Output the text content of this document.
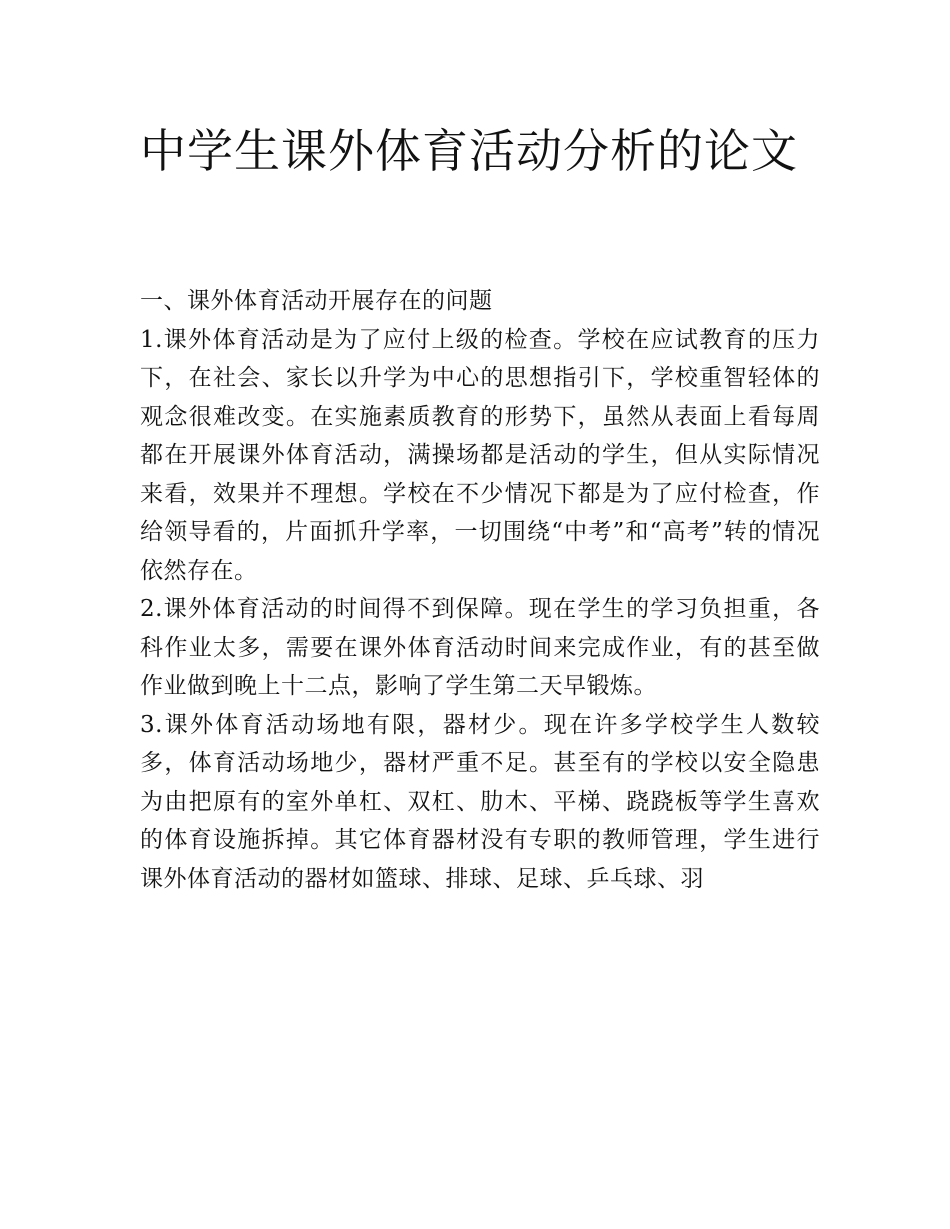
中学生课外体育活动分析的论文

一、课外体育活动开展存在的问题

1.课外体育活动是为了应付上级的检查。学校在应试教育的压力下，在社会、家长以升学为中心的思想指引下，学校重智轻体的观念很难改变。在实施素质教育的形势下，虽然从表面上看每周都在开展课外体育活动，满操场都是活动的学生，但从实际情况来看，效果并不理想。学校在不少情况下都是为了应付检查，作给领导看的，片面抓升学率，一切围绕“中考”和“高考”转的情况依然存在。

2.课外体育活动的时间得不到保障。现在学生的学习负担重，各科作业太多，需要在课外体育活动时间来完成作业，有的甚至做作业做到晚上十二点，影响了学生第二天早锻炼。

3.课外体育活动场地有限，器材少。现在许多学校学生人数较多，体育活动场地少，器材严重不足。甚至有的学校以安全隐患为由把原有的室外单杠、双杠、肋木、平梯、跷跷板等学生喜欢的体育设施拆掉。其它体育器材没有专职的教师管理，学生进行课外体育活动的器材如篮球、排球、足球、乒乓球、羽
